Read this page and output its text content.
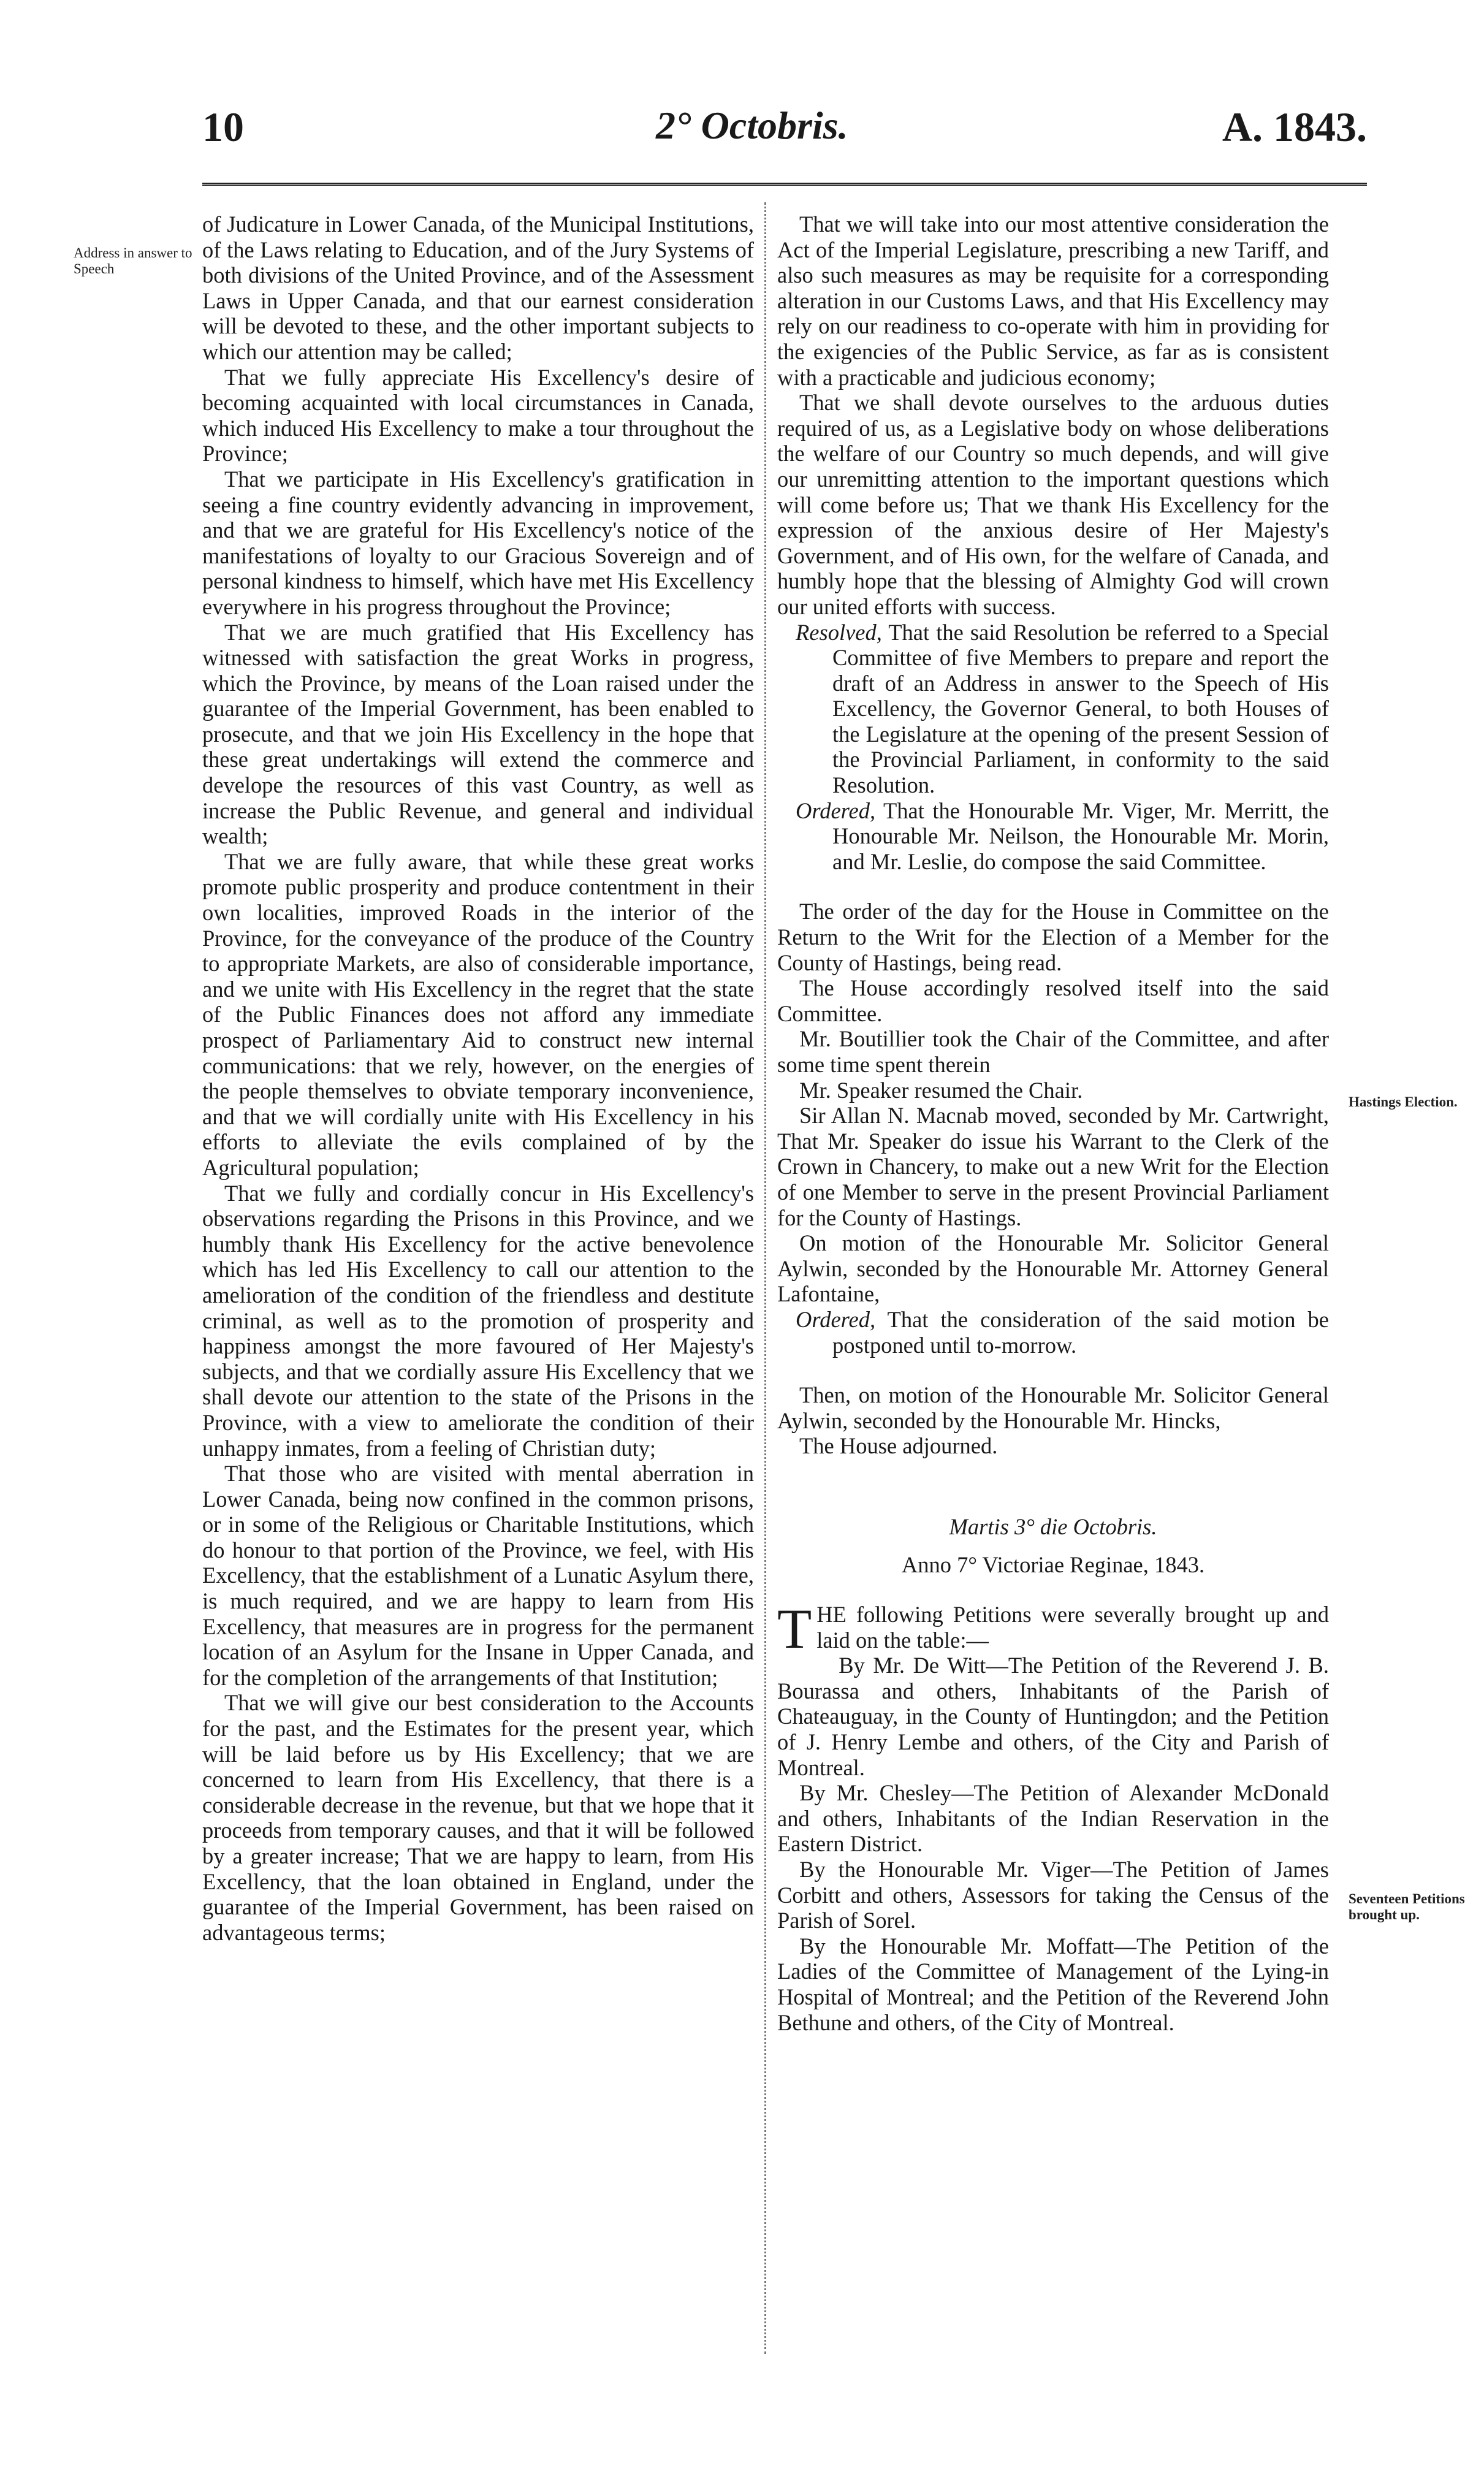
10	2° Octobris.	A. 1843.
Address in answer to Speech
Hastings Election.
Seventeen Petitions brought up.

of Judicature in Lower Canada, of the Municipal Institutions, of the Laws relating to Education, and of the Jury Systems of both divisions of the United Province, and of the Assessment Laws in Upper Canada, and that our earnest consideration will be devoted to these, and the other important subjects to which our attention may be called;

That we fully appreciate His Excellency's desire of becoming acquainted with local circumstances in Canada, which induced His Excellency to make a tour throughout the Province;

That we participate in His Excellency's gratification in seeing a fine country evidently advancing in improvement, and that we are grateful for His Excellency's notice of the manifestations of loyalty to our Gracious Sovereign and of personal kindness to himself, which have met His Excellency everywhere in his progress throughout the Province;

That we are much gratified that His Excellency has witnessed with satisfaction the great Works in progress, which the Province, by means of the Loan raised under the guarantee of the Imperial Government, has been enabled to prosecute, and that we join His Excellency in the hope that these great undertakings will extend the commerce and develope the resources of this vast Country, as well as increase the Public Revenue, and general and individual wealth;

That we are fully aware, that while these great works promote public prosperity and produce contentment in their own localities, improved Roads in the interior of the Province, for the conveyance of the produce of the Country to appropriate Markets, are also of considerable importance, and we unite with His Excellency in the regret that the state of the Public Finances does not afford any immediate prospect of Parliamentary Aid to construct new internal communications: that we rely, however, on the energies of the people themselves to obviate temporary inconvenience, and that we will cordially unite with His Excellency in his efforts to alleviate the evils complained of by the Agricultural population;

That we fully and cordially concur in His Excellency's observations regarding the Prisons in this Province, and we humbly thank His Excellency for the active benevolence which has led His Excellency to call our attention to the amelioration of the condition of the friendless and destitute criminal, as well as to the promotion of prosperity and happiness amongst the more favoured of Her Majesty's subjects, and that we cordially assure His Excellency that we shall devote our attention to the state of the Prisons in the Province, with a view to ameliorate the condition of their unhappy inmates, from a feeling of Christian duty;

That those who are visited with mental aberration in Lower Canada, being now confined in the common prisons, or in some of the Religious or Charitable Institutions, which do honour to that portion of the Province, we feel, with His Excellency, that the establishment of a Lunatic Asylum there, is much required, and we are happy to learn from His Excellency, that measures are in progress for the permanent location of an Asylum for the Insane in Upper Canada, and for the completion of the arrangements of that Institution;

That we will give our best consideration to the Accounts for the past, and the Estimates for the present year, which will be laid before us by His Excellency; that we are concerned to learn from His Excellency, that there is a considerable decrease in the revenue, but that we hope that it proceeds from temporary causes, and that it will be followed by a greater increase; That we are happy to learn, from His Excellency, that the loan obtained in England, under the guarantee of the Imperial Government, has been raised on advantageous terms;

That we will take into our most attentive consideration the Act of the Imperial Legislature, prescribing a new Tariff, and also such measures as may be requisite for a corresponding alteration in our Customs Laws, and that His Excellency may rely on our readiness to co-operate with him in providing for the exigencies of the Public Service, as far as is consistent with a practicable and judicious economy;

That we shall devote ourselves to the arduous duties required of us, as a Legislative body on whose deliberations the welfare of our Country so much depends, and will give our unremitting attention to the important questions which will come before us; That we thank His Excellency for the expression of the anxious desire of Her Majesty's Government, and of His own, for the welfare of Canada, and humbly hope that the blessing of Almighty God will crown our united efforts with success.

Resolved, That the said Resolution be referred to a Special Committee of five Members to prepare and report the draft of an Address in answer to the Speech of His Excellency, the Governor General, to both Houses of the Legislature at the opening of the present Session of the Provincial Parliament, in conformity to the said Resolution.

Ordered, That the Honourable Mr. Viger, Mr. Merritt, the Honourable Mr. Neilson, the Honourable Mr. Morin, and Mr. Leslie, do compose the said Committee.

The order of the day for the House in Committee on the Return to the Writ for the Election of a Member for the County of Hastings, being read.

The House accordingly resolved itself into the said Committee.

Mr. Boutillier took the Chair of the Committee, and after some time spent therein

Mr. Speaker resumed the Chair.

Sir Allan N. Macnab moved, seconded by Mr. Cartwright, That Mr. Speaker do issue his Warrant to the Clerk of the Crown in Chancery, to make out a new Writ for the Election of one Member to serve in the present Provincial Parliament for the County of Hastings.

On motion of the Honourable Mr. Solicitor General Aylwin, seconded by the Honourable Mr. Attorney General Lafontaine,

Ordered, That the consideration of the said motion be postponed until to-morrow.

Then, on motion of the Honourable Mr. Solicitor General Aylwin, seconded by the Honourable Mr. Hincks,

The House adjourned.

Martis 3° die Octobris.

Anno 7° Victoriae Reginae, 1843.

THE following Petitions were severally brought up and laid on the table:—

By Mr. De Witt—The Petition of the Reverend J. B. Bourassa and others, Inhabitants of the Parish of Chateauguay, in the County of Huntingdon; and the Petition of J. Henry Lembe and others, of the City and Parish of Montreal.

By Mr. Chesley—The Petition of Alexander McDonald and others, Inhabitants of the Indian Reservation in the Eastern District.

By the Honourable Mr. Viger—The Petition of James Corbitt and others, Assessors for taking the Census of the Parish of Sorel.

By the Honourable Mr. Moffatt—The Petition of the Ladies of the Committee of Management of the Lying-in Hospital of Montreal; and the Petition of the Reverend John Bethune and others, of the City of Montreal.
